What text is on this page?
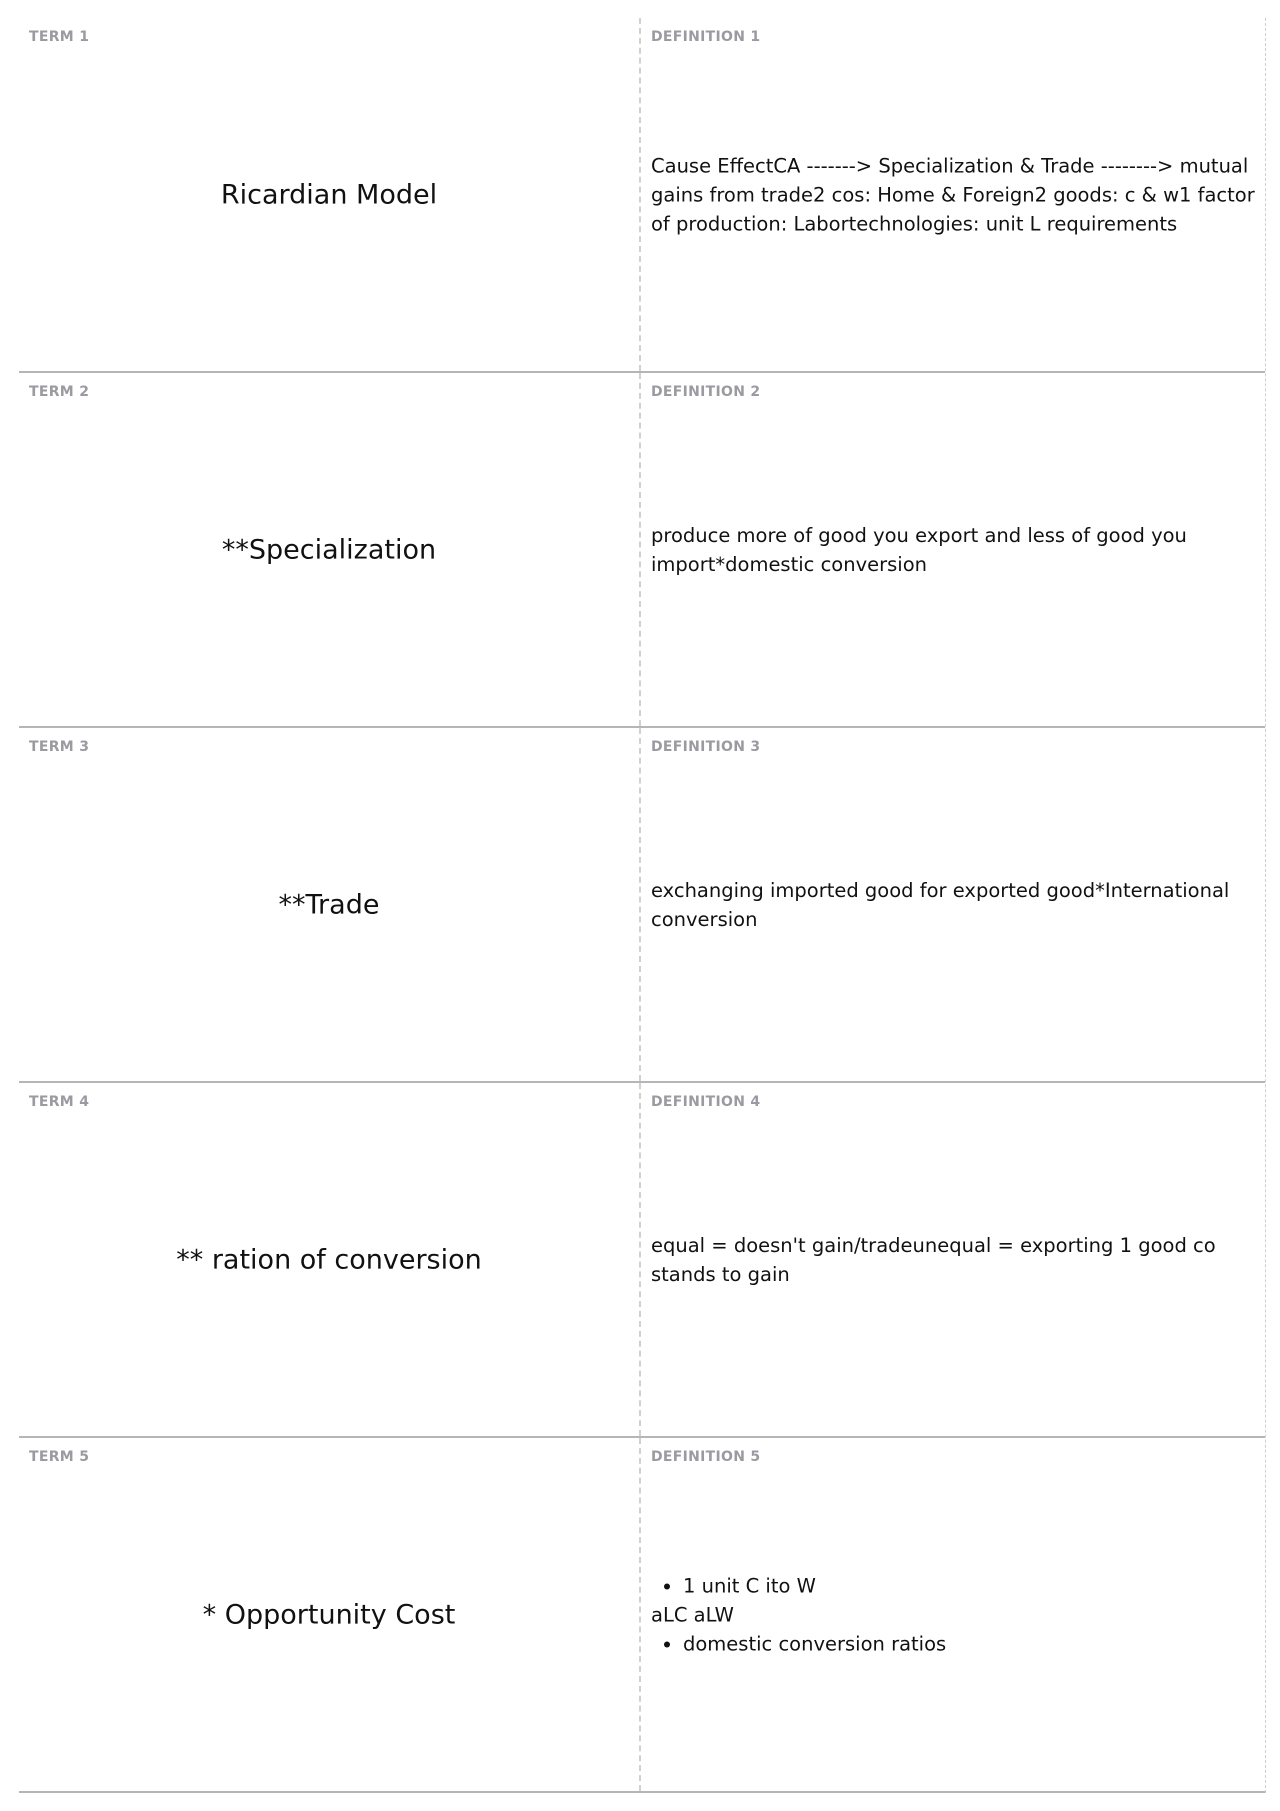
TERM 1
Ricardian Model
DEFINITION 1
Cause EffectCA -------> Specialization & Trade --------> mutual gains from trade2 cos: Home & Foreign2 goods: c & w1 factor of production: Labortechnologies: unit L requirements
TERM 2
**Specialization
DEFINITION 2
produce more of good you export and less of good you import*domestic conversion
TERM 3
**Trade
DEFINITION 3
exchanging imported good for exported good*International conversion
TERM 4
** ration of conversion
DEFINITION 4
equal = doesn't gain/tradeunequal = exporting 1 good co stands to gain
TERM 5
* Opportunity Cost
DEFINITION 5
• 1 unit C ito W
aLC aLW
• domestic conversion ratios
